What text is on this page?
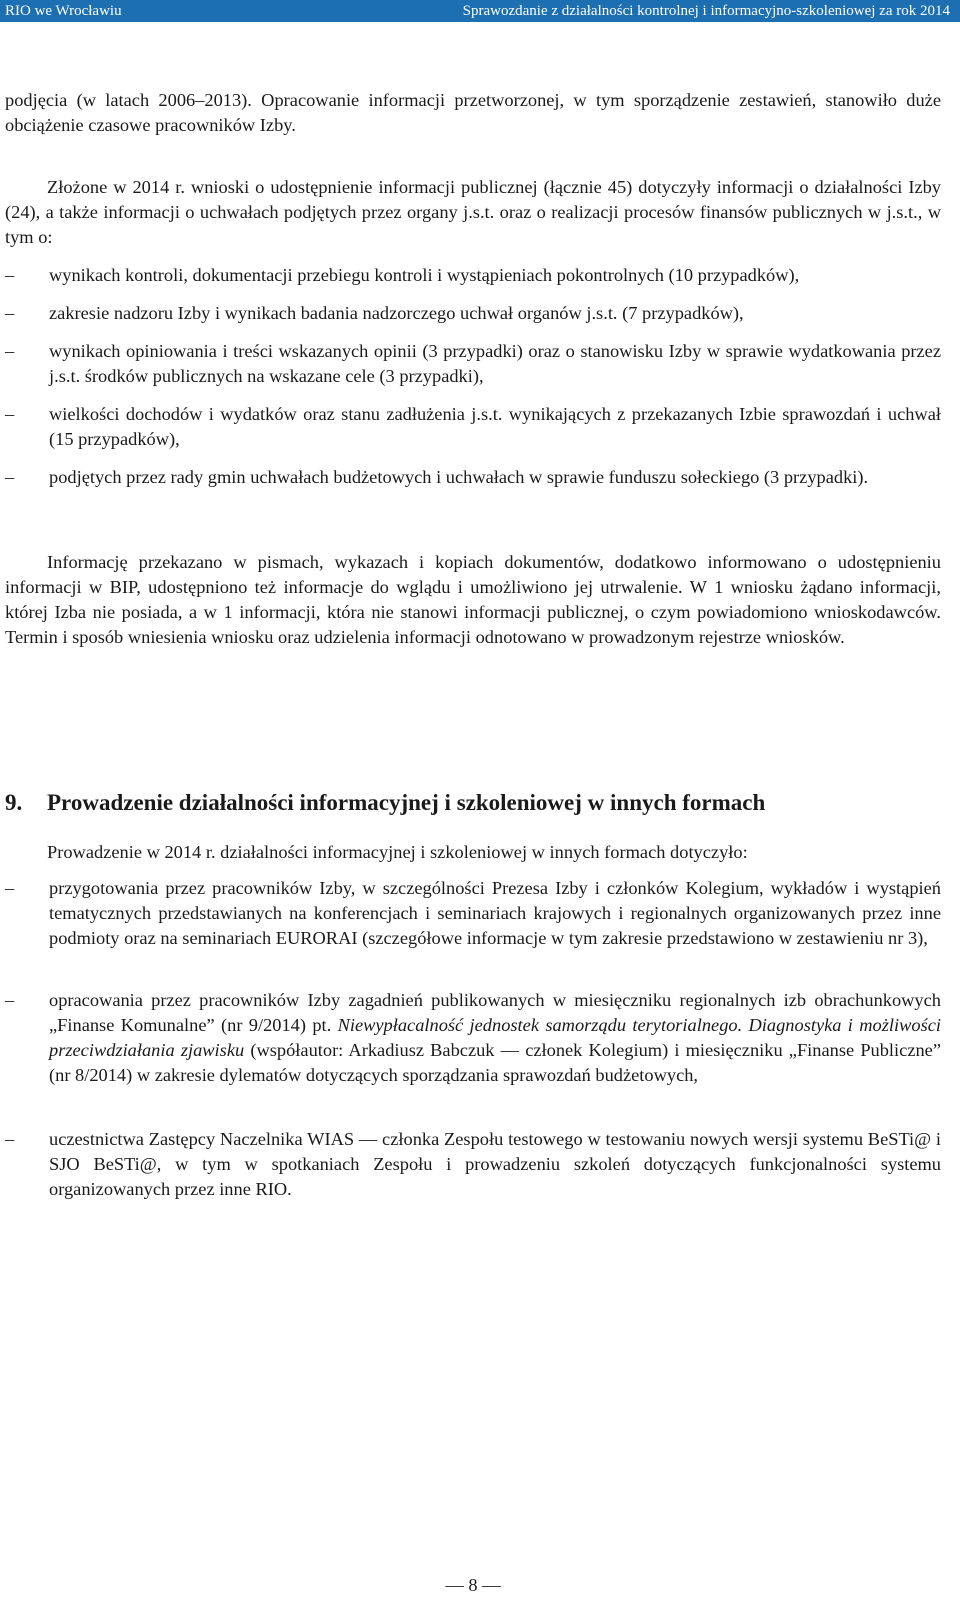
RIO we Wrocławiu	Sprawozdanie z działalności kontrolnej i informacyjno-szkoleniowej za rok 2014

podjęcia (w latach 2006‒2013). Opracowanie informacji przetworzonej, w tym sporządzenie zestawień, stanowiło duże obciążenie czasowe pracowników Izby.

Złożone w 2014 r. wnioski o udostępnienie informacji publicznej (łącznie 45) dotyczyły informacji o działalności Izby (24), a także informacji o uchwałach podjętych przez organy j.s.t. oraz o realizacji procesów finansów publicznych w j.s.t., w tym o:

–	wynikach kontroli, dokumentacji przebiegu kontroli i wystąpieniach pokontrolnych (10 przypadków),
–	zakresie nadzoru Izby i wynikach badania nadzorczego uchwał organów j.s.t. (7 przypadków),
–	wynikach opiniowania i treści wskazanych opinii (3 przypadki) oraz o stanowisku Izby w sprawie wydatkowania przez j.s.t. środków publicznych na wskazane cele (3 przypadki),
–	wielkości dochodów i wydatków oraz stanu zadłużenia j.s.t. wynikających z przekazanych Izbie sprawozdań i uchwał (15 przypadków),
–	podjętych przez rady gmin uchwałach budżetowych i uchwałach w sprawie funduszu sołeckiego (3 przypadki).

Informację przekazano w pismach, wykazach i kopiach dokumentów, dodatkowo informowano o udostępnieniu informacji w BIP, udostępniono też informacje do wglądu i umożliwiono jej utrwalenie. W 1 wniosku żądano informacji, której Izba nie posiada, a w 1 informacji, która nie stanowi informacji publicznej, o czym powiadomiono wnioskodawców. Termin i sposób wniesienia wniosku oraz udzielenia informacji odnotowano w prowadzonym rejestrze wniosków.

9. Prowadzenie działalności informacyjnej i szkoleniowej w innych formach

Prowadzenie w 2014 r. działalności informacyjnej i szkoleniowej w innych formach dotyczyło:

–	przygotowania przez pracowników Izby, w szczególności Prezesa Izby i członków Kolegium, wykładów i wystąpień tematycznych przedstawianych na konferencjach i seminariach krajowych i regionalnych organizowanych przez inne podmioty oraz na seminariach EURORAI (szczegółowe informacje w tym zakresie przedstawiono w zestawieniu nr 3),
–	opracowania przez pracowników Izby zagadnień publikowanych w miesięczniku regionalnych izb obrachunkowych „Finanse Komunalne” (nr 9/2014) pt. Niewypłacalność jednostek samorządu terytorialnego. Diagnostyka i możliwości przeciwdziałania zjawisku (współautor: Arkadiusz Babczuk — członek Kolegium) i miesięczniku „Finanse Publiczne” (nr 8/2014) w zakresie dylematów dotyczących sporządzania sprawozdań budżetowych,
–	uczestnictwa Zastępcy Naczelnika WIAS — członka Zespołu testowego w testowaniu nowych wersji systemu BeSTi@ i SJO BeSTi@, w tym w spotkaniach Zespołu i prowadzeniu szkoleń dotyczących funkcjonalności systemu organizowanych przez inne RIO.
— 8 —
